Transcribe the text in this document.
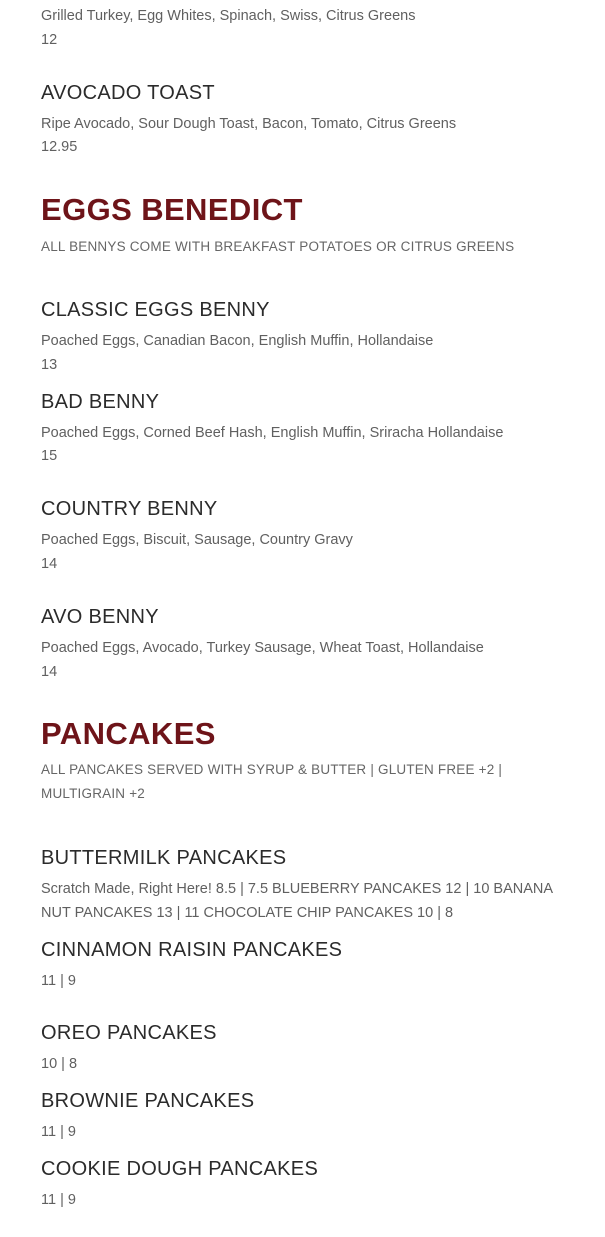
Grilled Turkey, Egg Whites, Spinach, Swiss, Citrus Greens
12
AVOCADO TOAST
Ripe Avocado, Sour Dough Toast, Bacon, Tomato, Citrus Greens
12.95
EGGS BENEDICT
ALL BENNYS COME WITH BREAKFAST POTATOES OR CITRUS GREENS
CLASSIC EGGS BENNY
Poached Eggs, Canadian Bacon, English Muffin, Hollandaise
13
BAD BENNY
Poached Eggs, Corned Beef Hash, English Muffin, Sriracha Hollandaise
15
COUNTRY BENNY
Poached Eggs, Biscuit, Sausage, Country Gravy
14
AVO BENNY
Poached Eggs, Avocado, Turkey Sausage, Wheat Toast, Hollandaise
14
PANCAKES
ALL PANCAKES SERVED WITH SYRUP & BUTTER | GLUTEN FREE +2 | MULTIGRAIN +2
BUTTERMILK PANCAKES
Scratch Made, Right Here! 8.5 | 7.5 BLUEBERRY PANCAKES 12 | 10 BANANA NUT PANCAKES 13 | 11 CHOCOLATE CHIP PANCAKES 10 | 8
CINNAMON RAISIN PANCAKES
11 | 9
OREO PANCAKES
10 | 8
BROWNIE PANCAKES
11 | 9
COOKIE DOUGH PANCAKES
11 | 9
